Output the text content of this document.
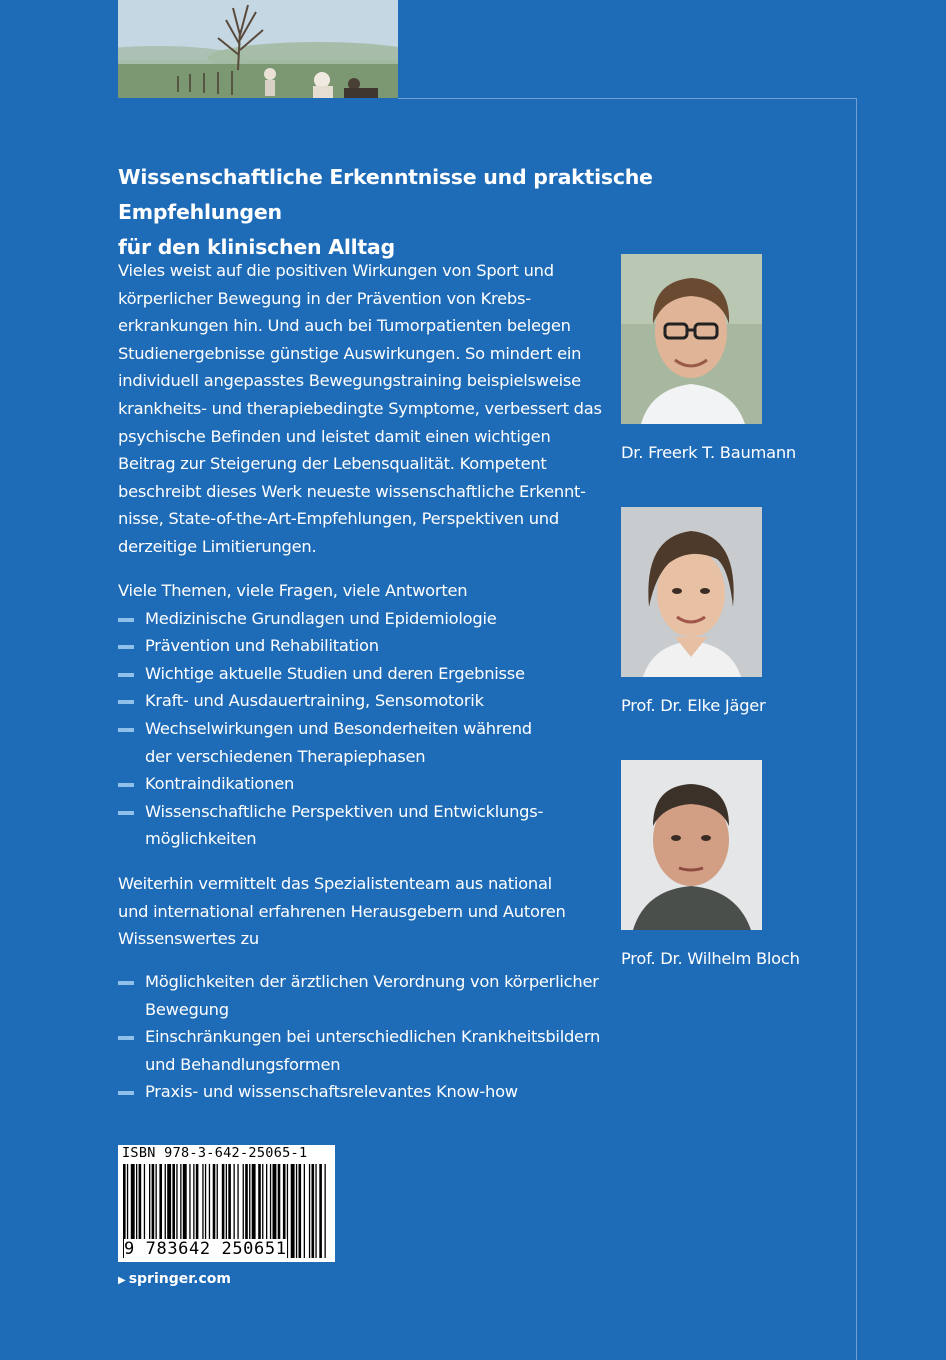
Wissenschaftliche Erkenntnisse und praktische Empfehlungen
für den klinischen Alltag
Vieles weist auf die positiven Wirkungen von Sport und
körperlicher Bewegung in der Prävention von Krebs-
erkrankungen hin. Und auch bei Tumorpatienten belegen
Studienergebnisse günstige Auswirkungen. So mindert ein
individuell angepasstes Bewegungstraining beispielsweise
krankheits- und therapiebedingte Symptome, verbessert das
psychische Befinden und leistet damit einen wichtigen
Beitrag zur Steigerung der Lebensqualität. Kompetent
beschreibt dieses Werk neueste wissenschaftliche Erkennt-
nisse, State-of-the-Art-Empfehlungen, Perspektiven und
derzeitige Limitierungen.
Viele Themen, viele Fragen, viele Antworten
Medizinische Grundlagen und Epidemiologie
Prävention und Rehabilitation
Wichtige aktuelle Studien und deren Ergebnisse
Kraft- und Ausdauertraining, Sensomotorik
Wechselwirkungen und Besonderheiten während
der verschiedenen Therapiephasen
Kontraindikationen
Wissenschaftliche Perspektiven und Entwicklungs-
möglichkeiten
Weiterhin vermittelt das Spezialistenteam aus national
und international erfahrenen Herausgebern und Autoren
Wissenswertes zu
Möglichkeiten der ärztlichen Verordnung von körperlicher
Bewegung
Einschränkungen bei unterschiedlichen Krankheitsbildern
und Behandlungsformen
Praxis- und wissenschaftsrelevantes Know-how
Dr. Freerk T. Baumann
Prof. Dr. Elke Jäger
Prof. Dr. Wilhelm Bloch
ISBN 978-3-642-25065-1
9 783642 250651
▶ springer.com
